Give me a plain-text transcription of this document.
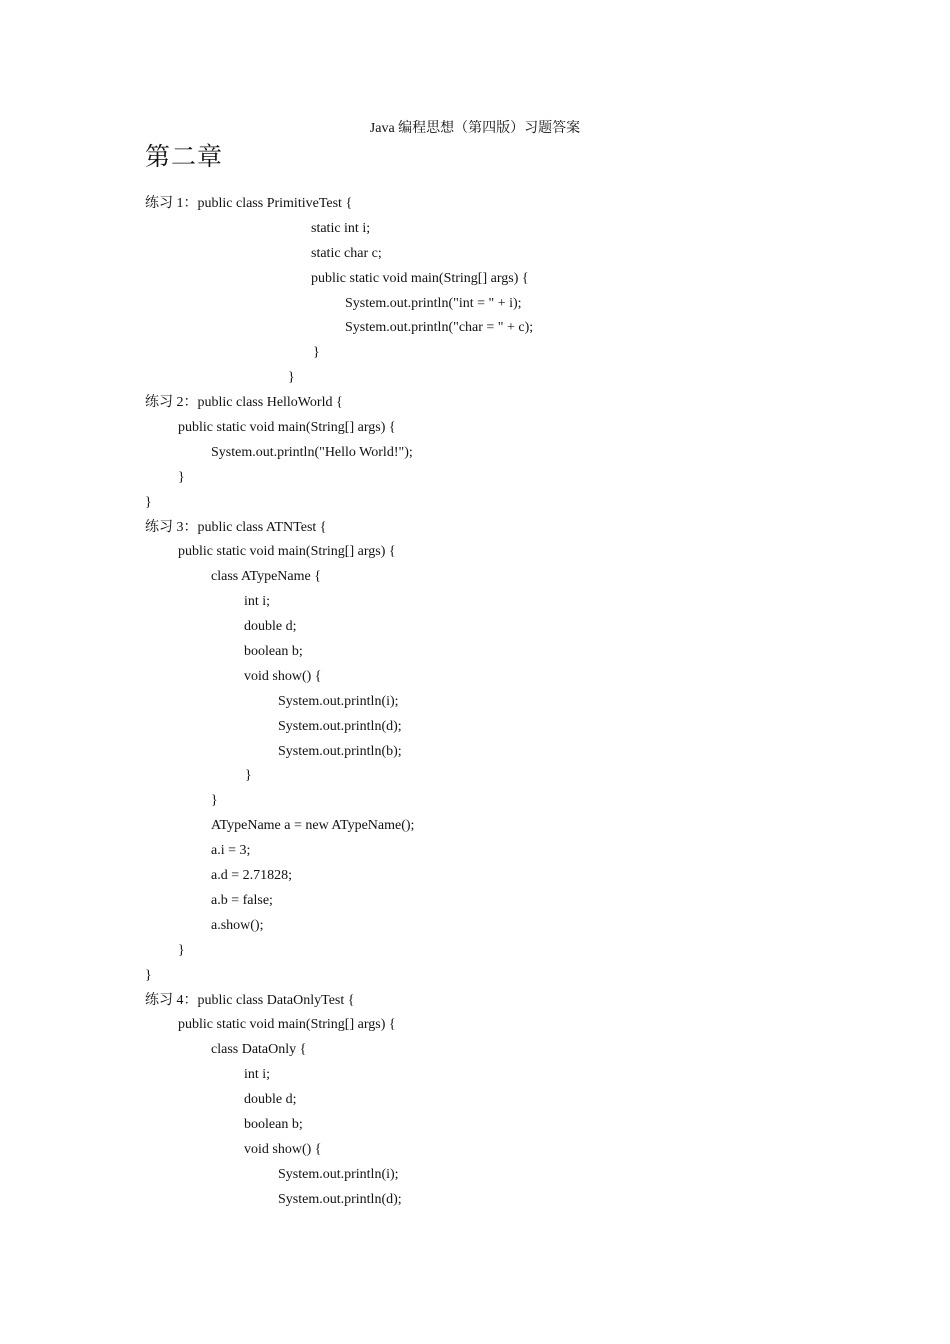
Java 编程思想（第四版）习题答案
第二章
练习 1：public class PrimitiveTest {
static int i;
static char c;
public static void main(String[] args) {
System.out.println("int = " + i);
System.out.println("char = " + c);
}
}
练习 2：public class HelloWorld {
public static void main(String[] args) {
System.out.println("Hello World!");
}
}
练习 3：public class ATNTest {
public static void main(String[] args) {
class ATypeName {
int i;
double d;
boolean b;
void show() {
System.out.println(i);
System.out.println(d);
System.out.println(b);
}
}
ATypeName a = new ATypeName();
a.i = 3;
a.d = 2.71828;
a.b = false;
a.show();
}
}
练习 4：public class DataOnlyTest {
public static void main(String[] args) {
class DataOnly {
int i;
double d;
boolean b;
void show() {
System.out.println(i);
System.out.println(d);
